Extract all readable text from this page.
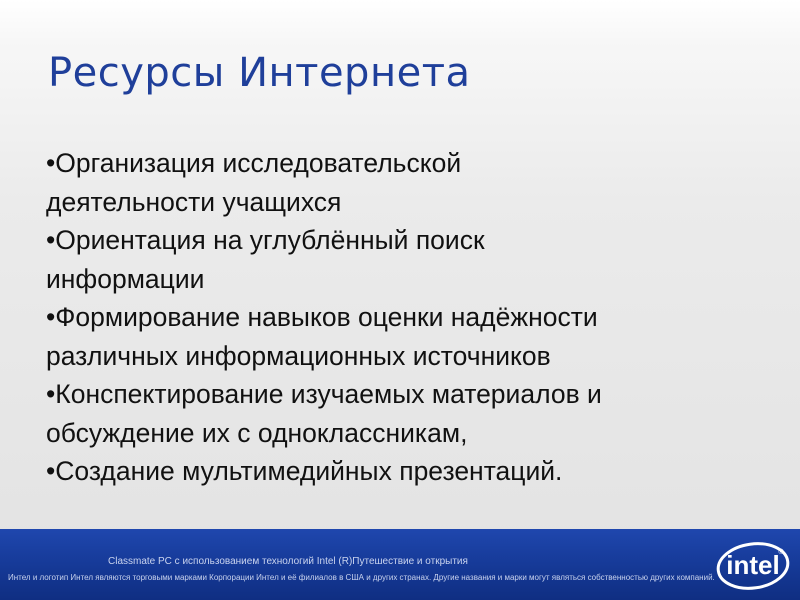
Ресурсы Интернета
•Организация исследовательской
деятельности учащихся
•Ориентация на углублённый поиск
информации
•Формирование навыков оценки надёжности
различных информационных источников
•Конспектирование изучаемых материалов и
обсуждение их с одноклассникам,
•Создание мультимедийных презентаций.
Classmate PC с использованием технологий Intel (R)Путешествие и открытия
Интел и логотип Интел являются торговыми марками Корпорации Интел и её филиалов в США и других странах. Другие названия и марки могут являться собственностью других компаний. intel
®
